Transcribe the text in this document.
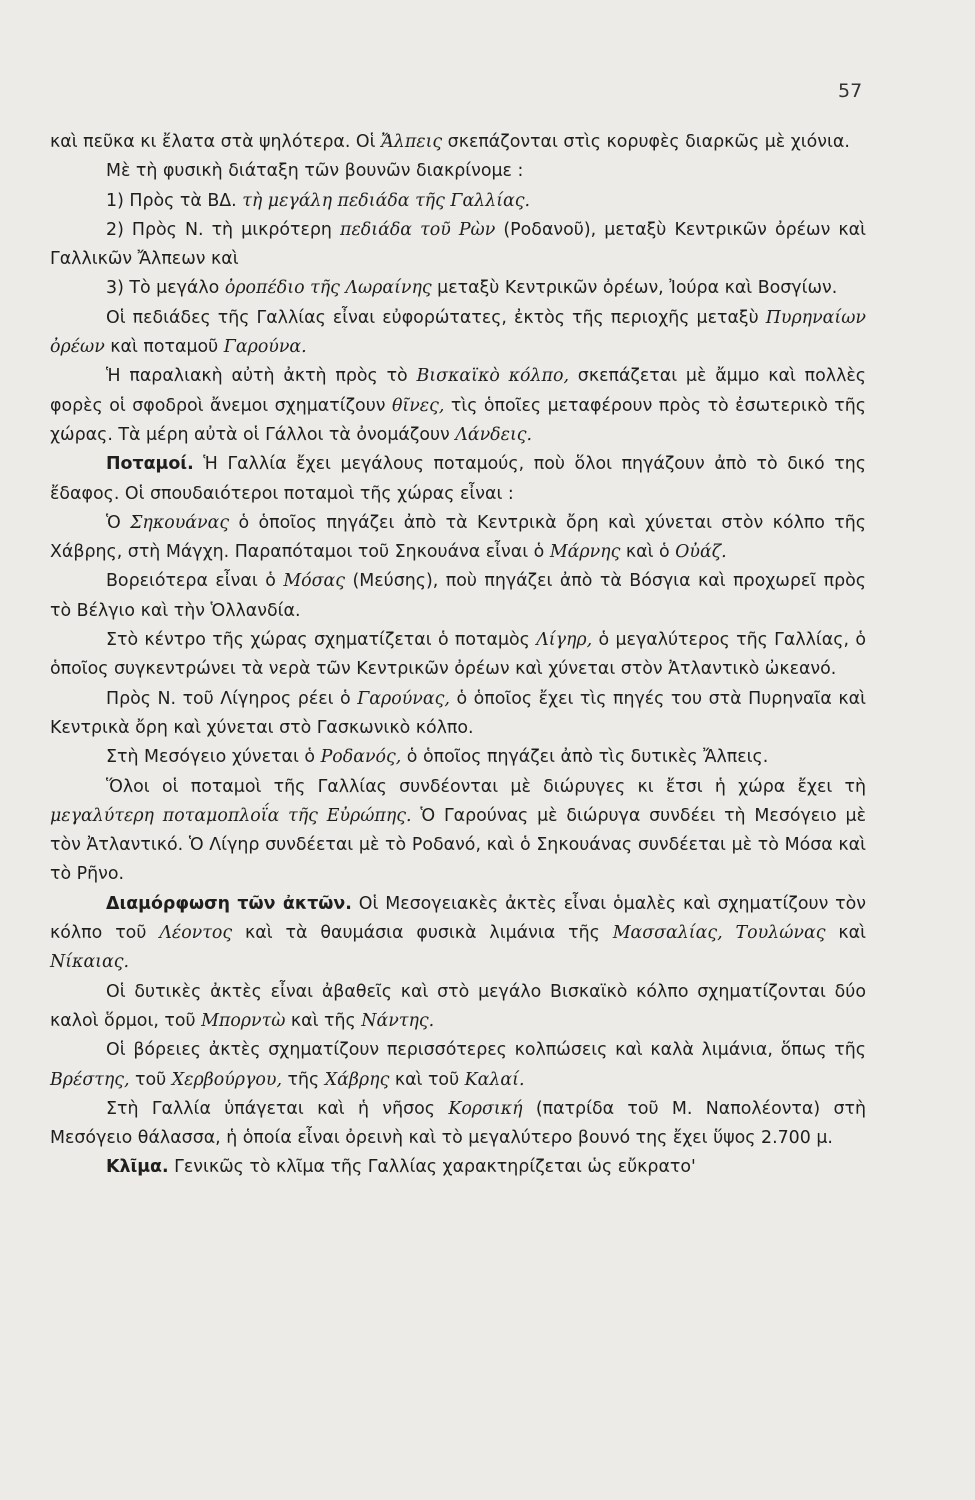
57

καὶ πεῦκα κι ἔλατα στὰ ψηλότερα. Οἱ Ἄλπεις σκεπάζονται στὶς κορυφὲς διαρκῶς μὲ χιόνια.

Μὲ τὴ φυσικὴ διάταξη τῶν βουνῶν διακρίνομε :

1) Πρὸς τὰ ΒΔ. τὴ μεγάλη πεδιάδα τῆς Γαλλίας.

2) Πρὸς Ν. τὴ μικρότερη πεδιάδα τοῦ Ρὼν (Ροδανοῦ), μεταξὺ Κεντρικῶν ὀρέων καὶ Γαλλικῶν Ἄλπεων καὶ

3) Τὸ μεγάλο ὀροπέδιο τῆς Λωραίνης μεταξὺ Κεντρικῶν ὀρέων, Ἰούρα καὶ Βοσγίων.

Οἱ πεδιάδες τῆς Γαλλίας εἶναι εὐφορώτατες, ἐκτὸς τῆς περιοχῆς μεταξὺ Πυρηναίων ὀρέων καὶ ποταμοῦ Γαρούνα.

Ἡ παραλιακὴ αὐτὴ ἀκτὴ πρὸς τὸ Βισκαϊκὸ κόλπο, σκεπάζεται μὲ ἄμμο καὶ πολλὲς φορὲς οἱ σφοδροὶ ἄνεμοι σχηματίζουν θῖνες, τὶς ὁποῖες μεταφέρουν πρὸς τὸ ἐσωτερικὸ τῆς χώρας. Τὰ μέρη αὐτὰ οἱ Γάλλοι τὰ ὀνομάζουν Λάνδεις.

Ποταμοί. Ἡ Γαλλία ἔχει μεγάλους ποταμούς, ποὺ ὅλοι πηγάζουν ἀπὸ τὸ δικό της ἔδαφος. Οἱ σπουδαιότεροι ποταμοὶ τῆς χώρας εἶναι :

Ὁ Σηκουάνας ὁ ὁποῖος πηγάζει ἀπὸ τὰ Κεντρικὰ ὄρη καὶ χύνεται στὸν κόλπο τῆς Χάβρης, στὴ Μάγχη. Παραπόταμοι τοῦ Σηκουάνα εἶναι ὁ Μάρνης καὶ ὁ Οὐάζ.

Βορειότερα εἶναι ὁ Μόσας (Μεύσης), ποὺ πηγάζει ἀπὸ τὰ Βόσγια καὶ προχωρεῖ πρὸς τὸ Βέλγιο καὶ τὴν Ὁλλανδία.

Στὸ κέντρο τῆς χώρας σχηματίζεται ὁ ποταμὸς Λίγηρ, ὁ μεγαλύτερος τῆς Γαλλίας, ὁ ὁποῖος συγκεντρώνει τὰ νερὰ τῶν Κεντρικῶν ὀρέων καὶ χύνεται στὸν Ἀτλαντικὸ ὠκεανό.

Πρὸς Ν. τοῦ Λίγηρος ρέει ὁ Γαρούνας, ὁ ὁποῖος ἔχει τὶς πηγές του στὰ Πυρηναῖα καὶ Κεντρικὰ ὄρη καὶ χύνεται στὸ Γασκωνικὸ κόλπο.

Στὴ Μεσόγειο χύνεται ὁ Ροδανός, ὁ ὁποῖος πηγάζει ἀπὸ τὶς δυτικὲς Ἄλπεις.

Ὅλοι οἱ ποταμοὶ τῆς Γαλλίας συνδέονται μὲ διώρυγες κι ἔτσι ἡ χώρα ἔχει τὴ μεγαλύτερη ποταμοπλοΐα τῆς Εὐρώπης. Ὁ Γαρούνας μὲ διώρυγα συνδέει τὴ Μεσόγειο μὲ τὸν Ἀτλαντικό. Ὁ Λίγηρ συνδέεται μὲ τὸ Ροδανό, καὶ ὁ Σηκουάνας συνδέεται μὲ τὸ Μόσα καὶ τὸ Ρῆνο.

Διαμόρφωση τῶν ἀκτῶν. Οἱ Μεσογειακὲς ἀκτὲς εἶναι ὁμαλὲς καὶ σχηματίζουν τὸν κόλπο τοῦ Λέοντος καὶ τὰ θαυμάσια φυσικὰ λιμάνια τῆς Μασσαλίας, Τουλώνας καὶ Νίκαιας.

Οἱ δυτικὲς ἀκτὲς εἶναι ἀβαθεῖς καὶ στὸ μεγάλο Βισκαϊκὸ κόλπο σχηματίζονται δύο καλοὶ ὅρμοι, τοῦ Μπορντὼ καὶ τῆς Νάντης.

Οἱ βόρειες ἀκτὲς σχηματίζουν περισσότερες κολπώσεις καὶ καλὰ λιμάνια, ὅπως τῆς Βρέστης, τοῦ Χερβούργου, τῆς Χάβρης καὶ τοῦ Καλαί.

Στὴ Γαλλία ὑπάγεται καὶ ἡ νῆσος Κορσική (πατρίδα τοῦ Μ. Ναπολέοντα) στὴ Μεσόγειο θάλασσα, ἡ ὁποία εἶναι ὀρεινὴ καὶ τὸ μεγαλύτερο βουνό της ἔχει ὕψος 2.700 μ.

Κλῖμα. Γενικῶς τὸ κλῖμα τῆς Γαλλίας χαρακτηρίζεται ὡς εὔκρατο'
